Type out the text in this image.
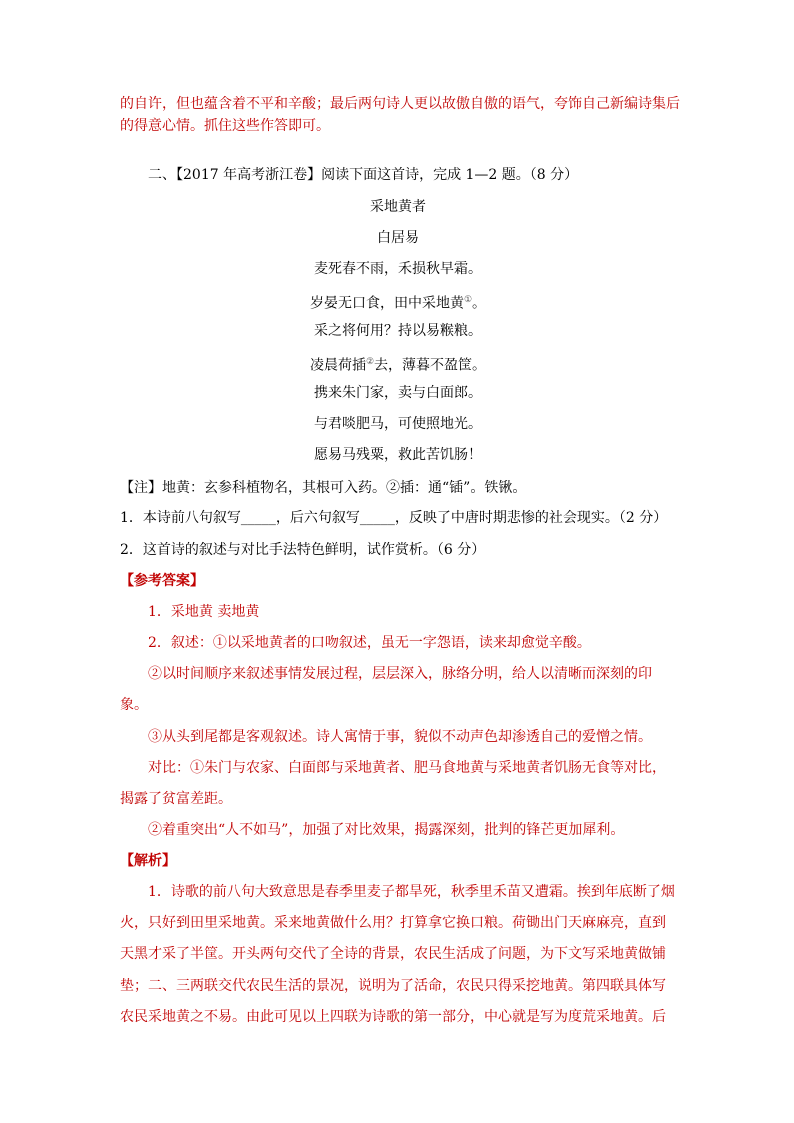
的自许，但也蕴含着不平和辛酸；最后两句诗人更以故傲自傲的语气，夸饰自己新编诗集后
的得意心情。抓住这些作答即可。
二、【2017 年高考浙江卷】阅读下面这首诗，完成 1—2 题。（8 分）
采地黄者
白居易
麦死春不雨，禾损秋早霜。
岁晏无口食，田中采地黄①。
采之将何用？持以易糇粮。
凌晨荷插②去，薄暮不盈筐。
携来朱门家，卖与白面郎。
与君啖肥马，可使照地光。
愿易马残粟，救此苦饥肠！
【注】地黄：玄参科植物名，其根可入药。②插：通“锸”。铁锹。
1．本诗前八句叙写_____，后六句叙写_____，反映了中唐时期悲惨的社会现实。（2 分）
2．这首诗的叙述与对比手法特色鲜明，试作赏析。（6 分）
【参考答案】
1．采地黄 卖地黄
2．叙述：①以采地黄者的口吻叙述，虽无一字怨语，读来却愈觉辛酸。
②以时间顺序来叙述事情发展过程，层层深入，脉络分明，给人以清晰而深刻的印
象。
③从头到尾都是客观叙述。诗人寓情于事，貌似不动声色却渗透自己的爱憎之情。
对比：①朱门与农家、白面郎与采地黄者、肥马食地黄与采地黄者饥肠无食等对比，
揭露了贫富差距。
②着重突出“人不如马”，加强了对比效果，揭露深刻，批判的锋芒更加犀利。
【解析】
1．诗歌的前八句大致意思是春季里麦子都旱死，秋季里禾苗又遭霜。挨到年底断了烟
火，只好到田里采地黄。采来地黄做什么用？打算拿它换口粮。荷锄出门天麻麻亮，直到
天黑才采了半筐。开头两句交代了全诗的背景，农民生活成了问题，为下文写采地黄做铺
垫；二、三两联交代农民生活的景况，说明为了活命，农民只得采挖地黄。第四联具体写
农民采地黄之不易。由此可见以上四联为诗歌的第一部分，中心就是写为度荒采地黄。后
